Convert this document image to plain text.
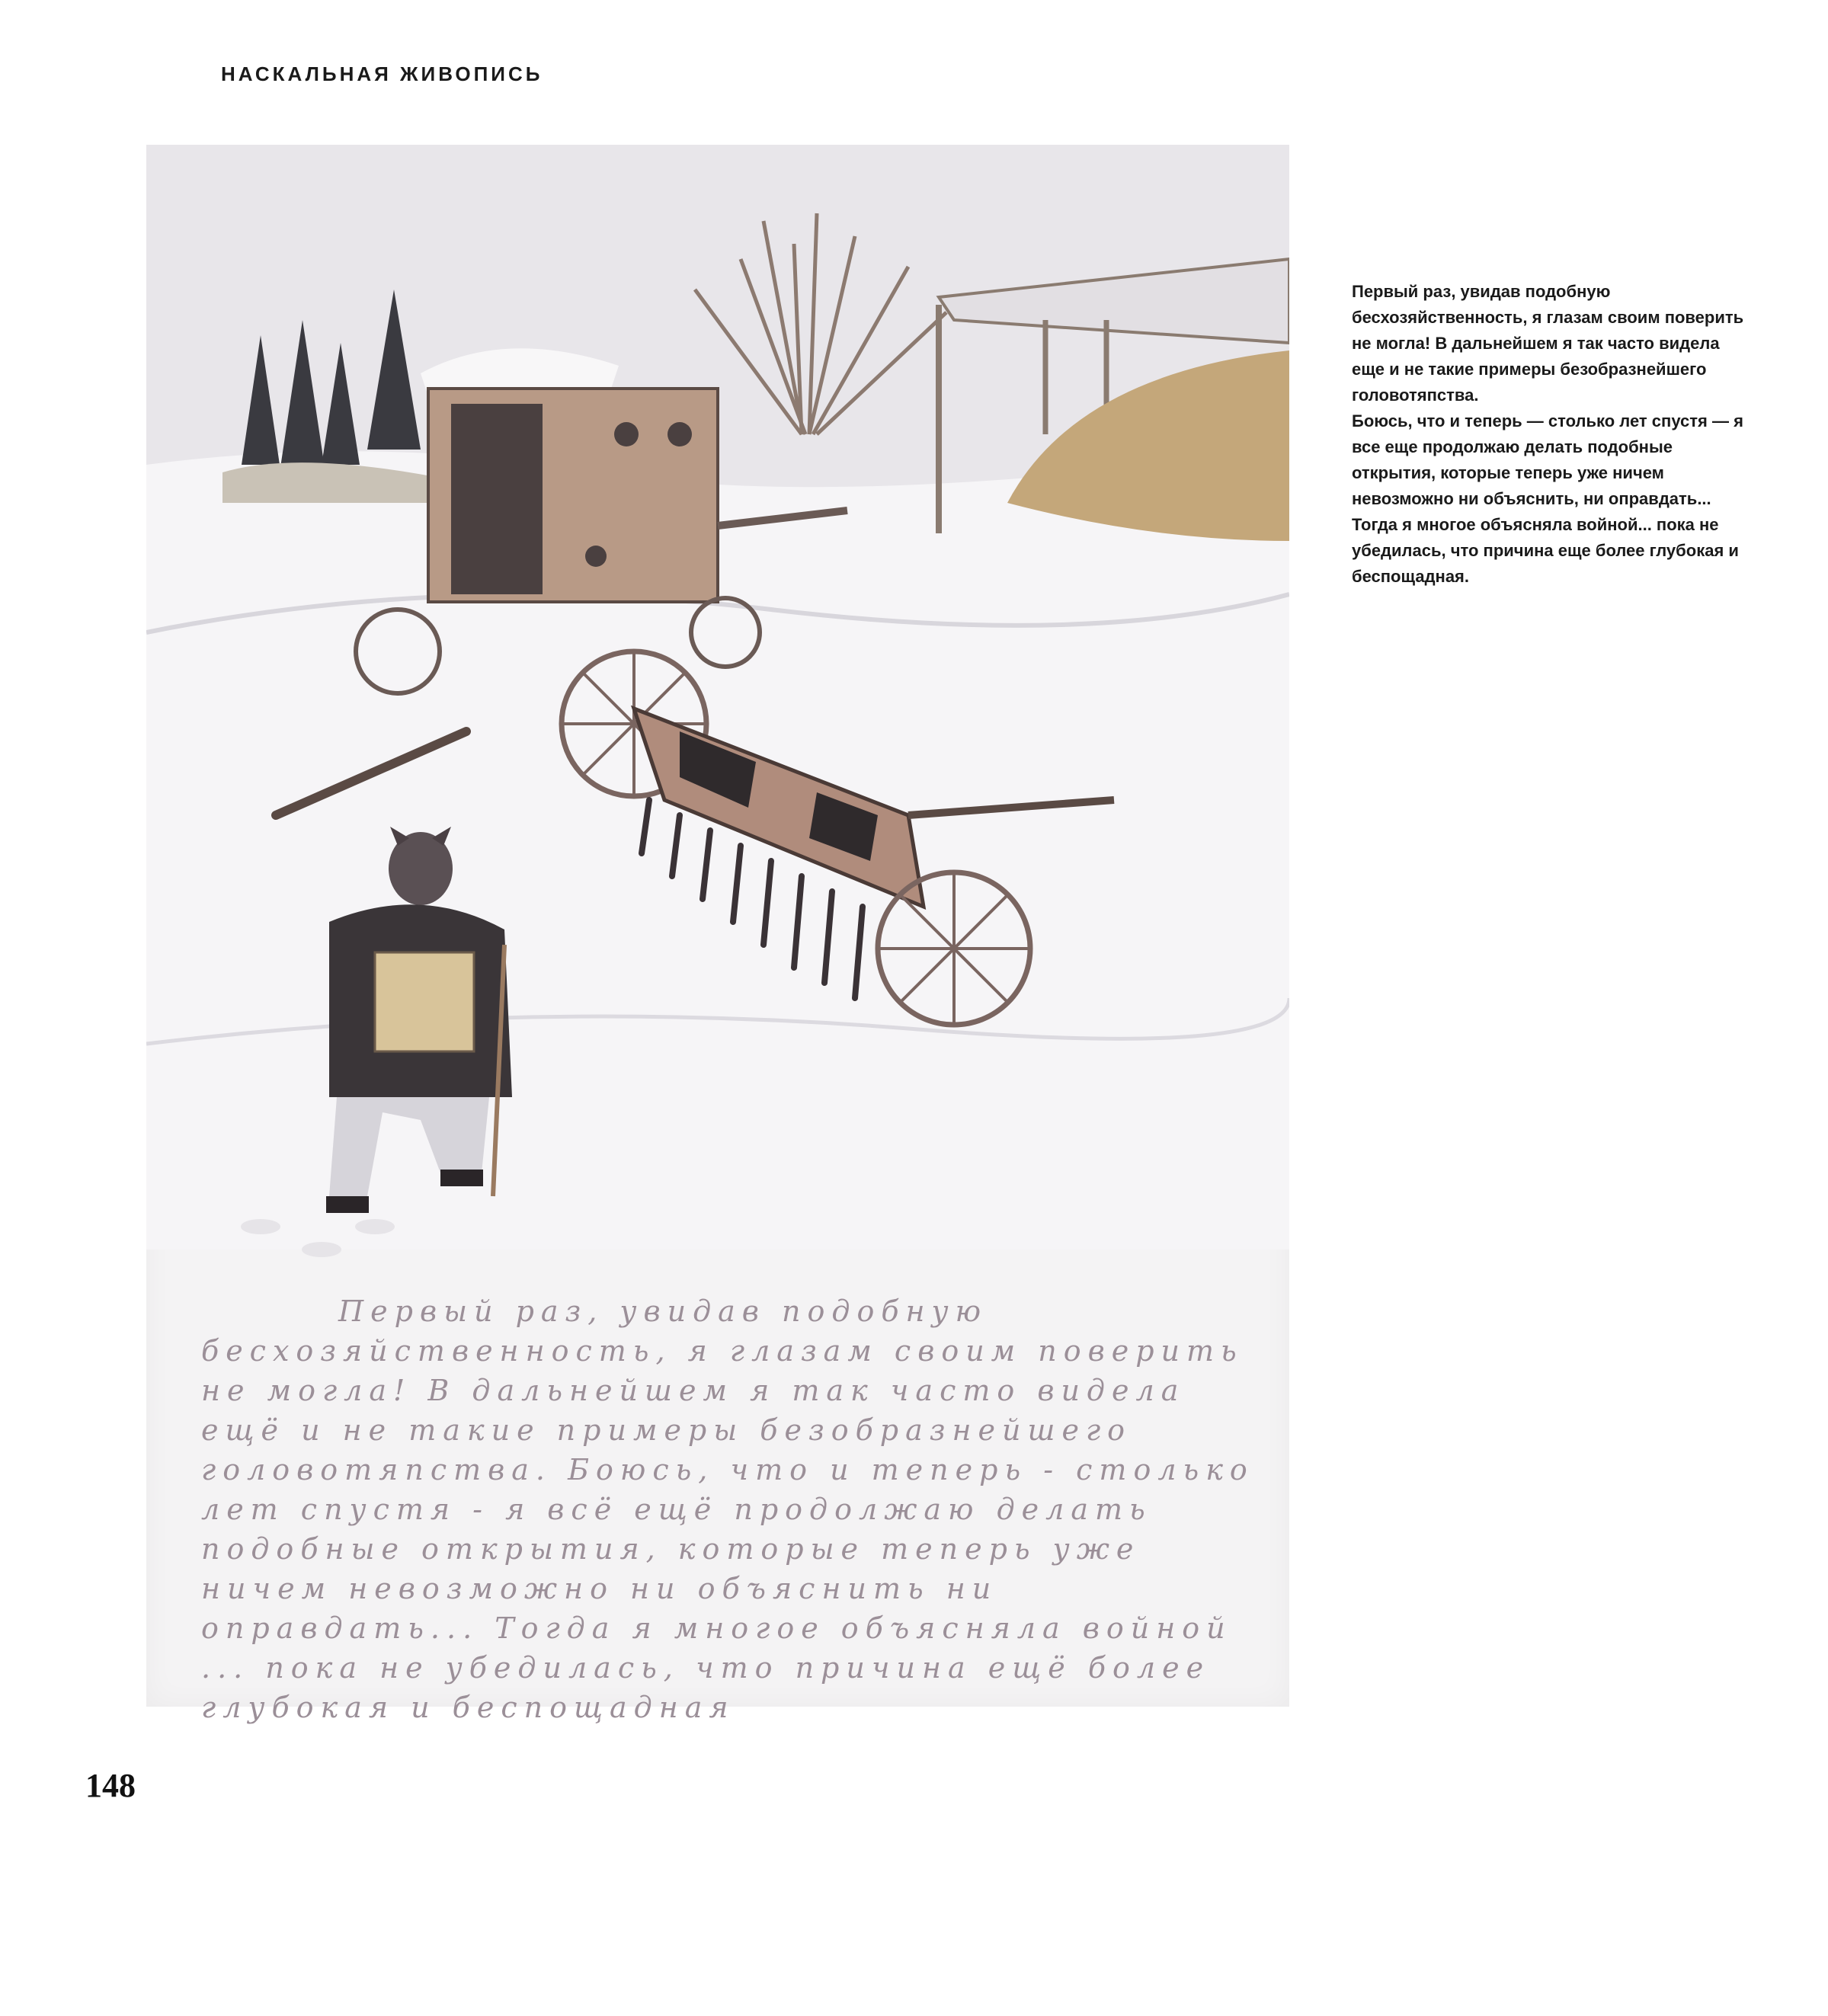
НАСКАЛЬНАЯ ЖИВОПИСЬ

Первый раз, увидав подобную бесхозяйственность, я глазам своим поверить не могла! В дальнейшем я так часто видела ещё и не такие примеры безобразнейшего головотяпства. Боюсь, что и теперь - столько лет спустя - я всё ещё продолжаю делать подобные открытия, которые теперь уже ничем невозможно ни объяснить ни оправдать... Тогда я многое объясняла войной ... пока не убедилась, что причина ещё более глубокая и беспощадная

Первый раз, увидав подобную бесхозяйственность, я глазам своим поверить не могла! В дальнейшем я так часто видела еще и не такие примеры безобразнейшего головотяпства.

Боюсь, что и теперь — столько лет спустя — я все еще продолжаю делать подобные открытия, которые теперь уже ничем невозможно ни объяснить, ни оправдать... Тогда я многое объясняла войной... пока не убедилась, что причина еще более глубокая и беспощадная.

148
